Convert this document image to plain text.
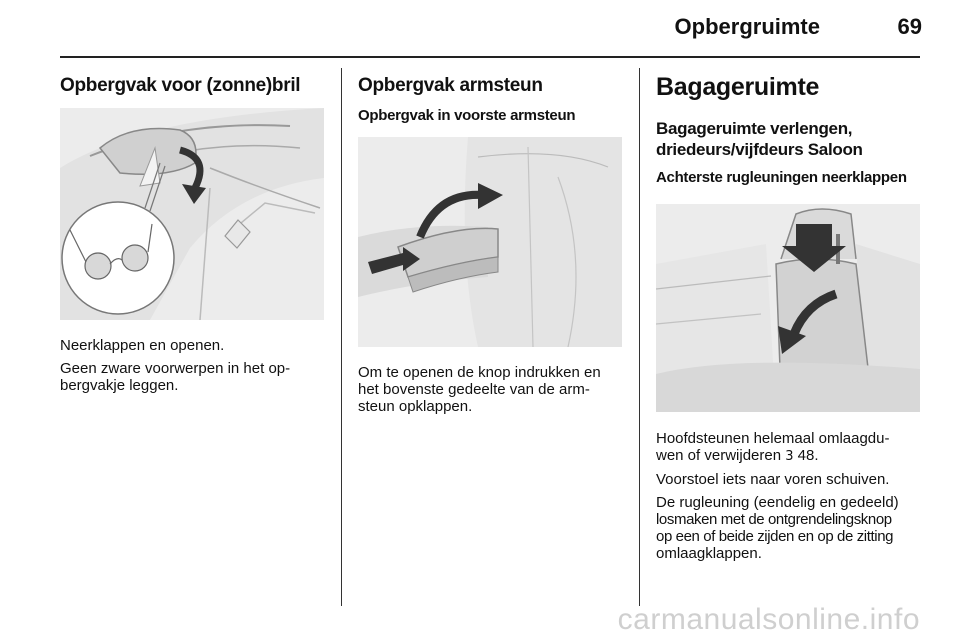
Opbergruimte	69
Opbergvak voor (zonne)bril

Neerklappen en openen.

Geen zware voorwerpen in het op-

bergvakje leggen.

Opbergvak armsteun
Opbergvak in voorste armsteun

Om te openen de knop indrukken en

het bovenste gedeelte van de arm-

steun opklappen.

Bagageruimte
Bagageruimte verlengen,
driedeurs/vijfdeurs Saloon
Achterste rugleuningen neerklappen

Hoofdsteunen helemaal omlaagdu-

wen of verwijderen 3 48.

Voorstoel iets naar voren schuiven.

De rugleuning (eendelig en gedeeld)

losmaken met de ontgrendelingsknop

op een of beide zijden en op de zitting

omlaagklappen.

carmanualsonline.info
